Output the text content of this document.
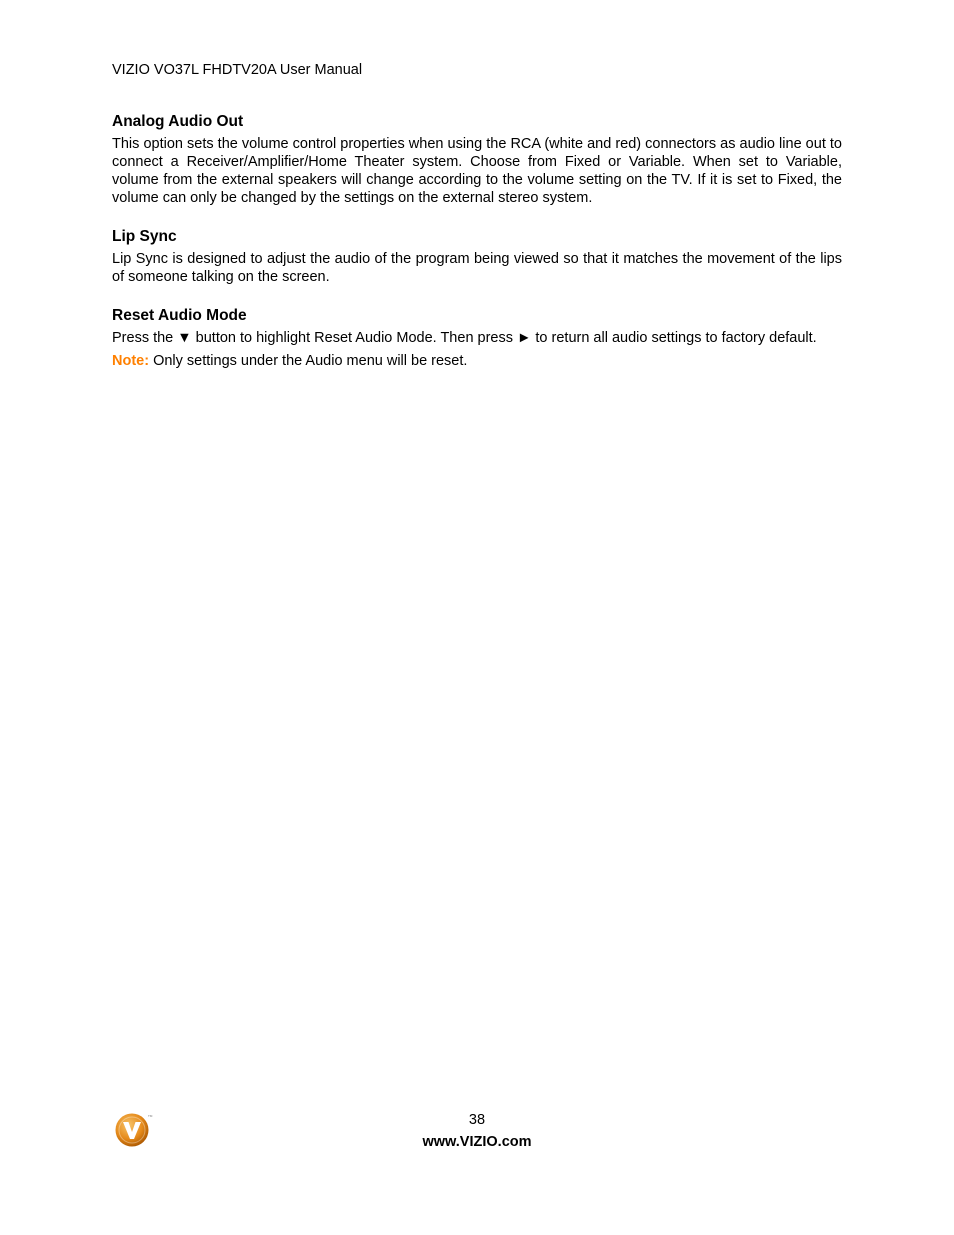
VIZIO VO37L FHDTV20A User Manual
Analog Audio Out

This option sets the volume control properties when using the RCA (white and red) connectors as audio line out to connect a Receiver/Amplifier/Home Theater system. Choose from Fixed or Variable. When set to Variable, volume from the external speakers will change according to the volume setting on the TV. If it is set to Fixed, the volume can only be changed by the settings on the external stereo system.

Lip Sync

Lip Sync is designed to adjust the audio of the program being viewed so that it matches the movement of the lips of someone talking on the screen.

Reset Audio Mode

Press the ▼ button to highlight Reset Audio Mode. Then press ► to return all audio settings to factory default.

Note: Only settings under the Audio menu will be reset.

TM	38
www.VIZIO.com
